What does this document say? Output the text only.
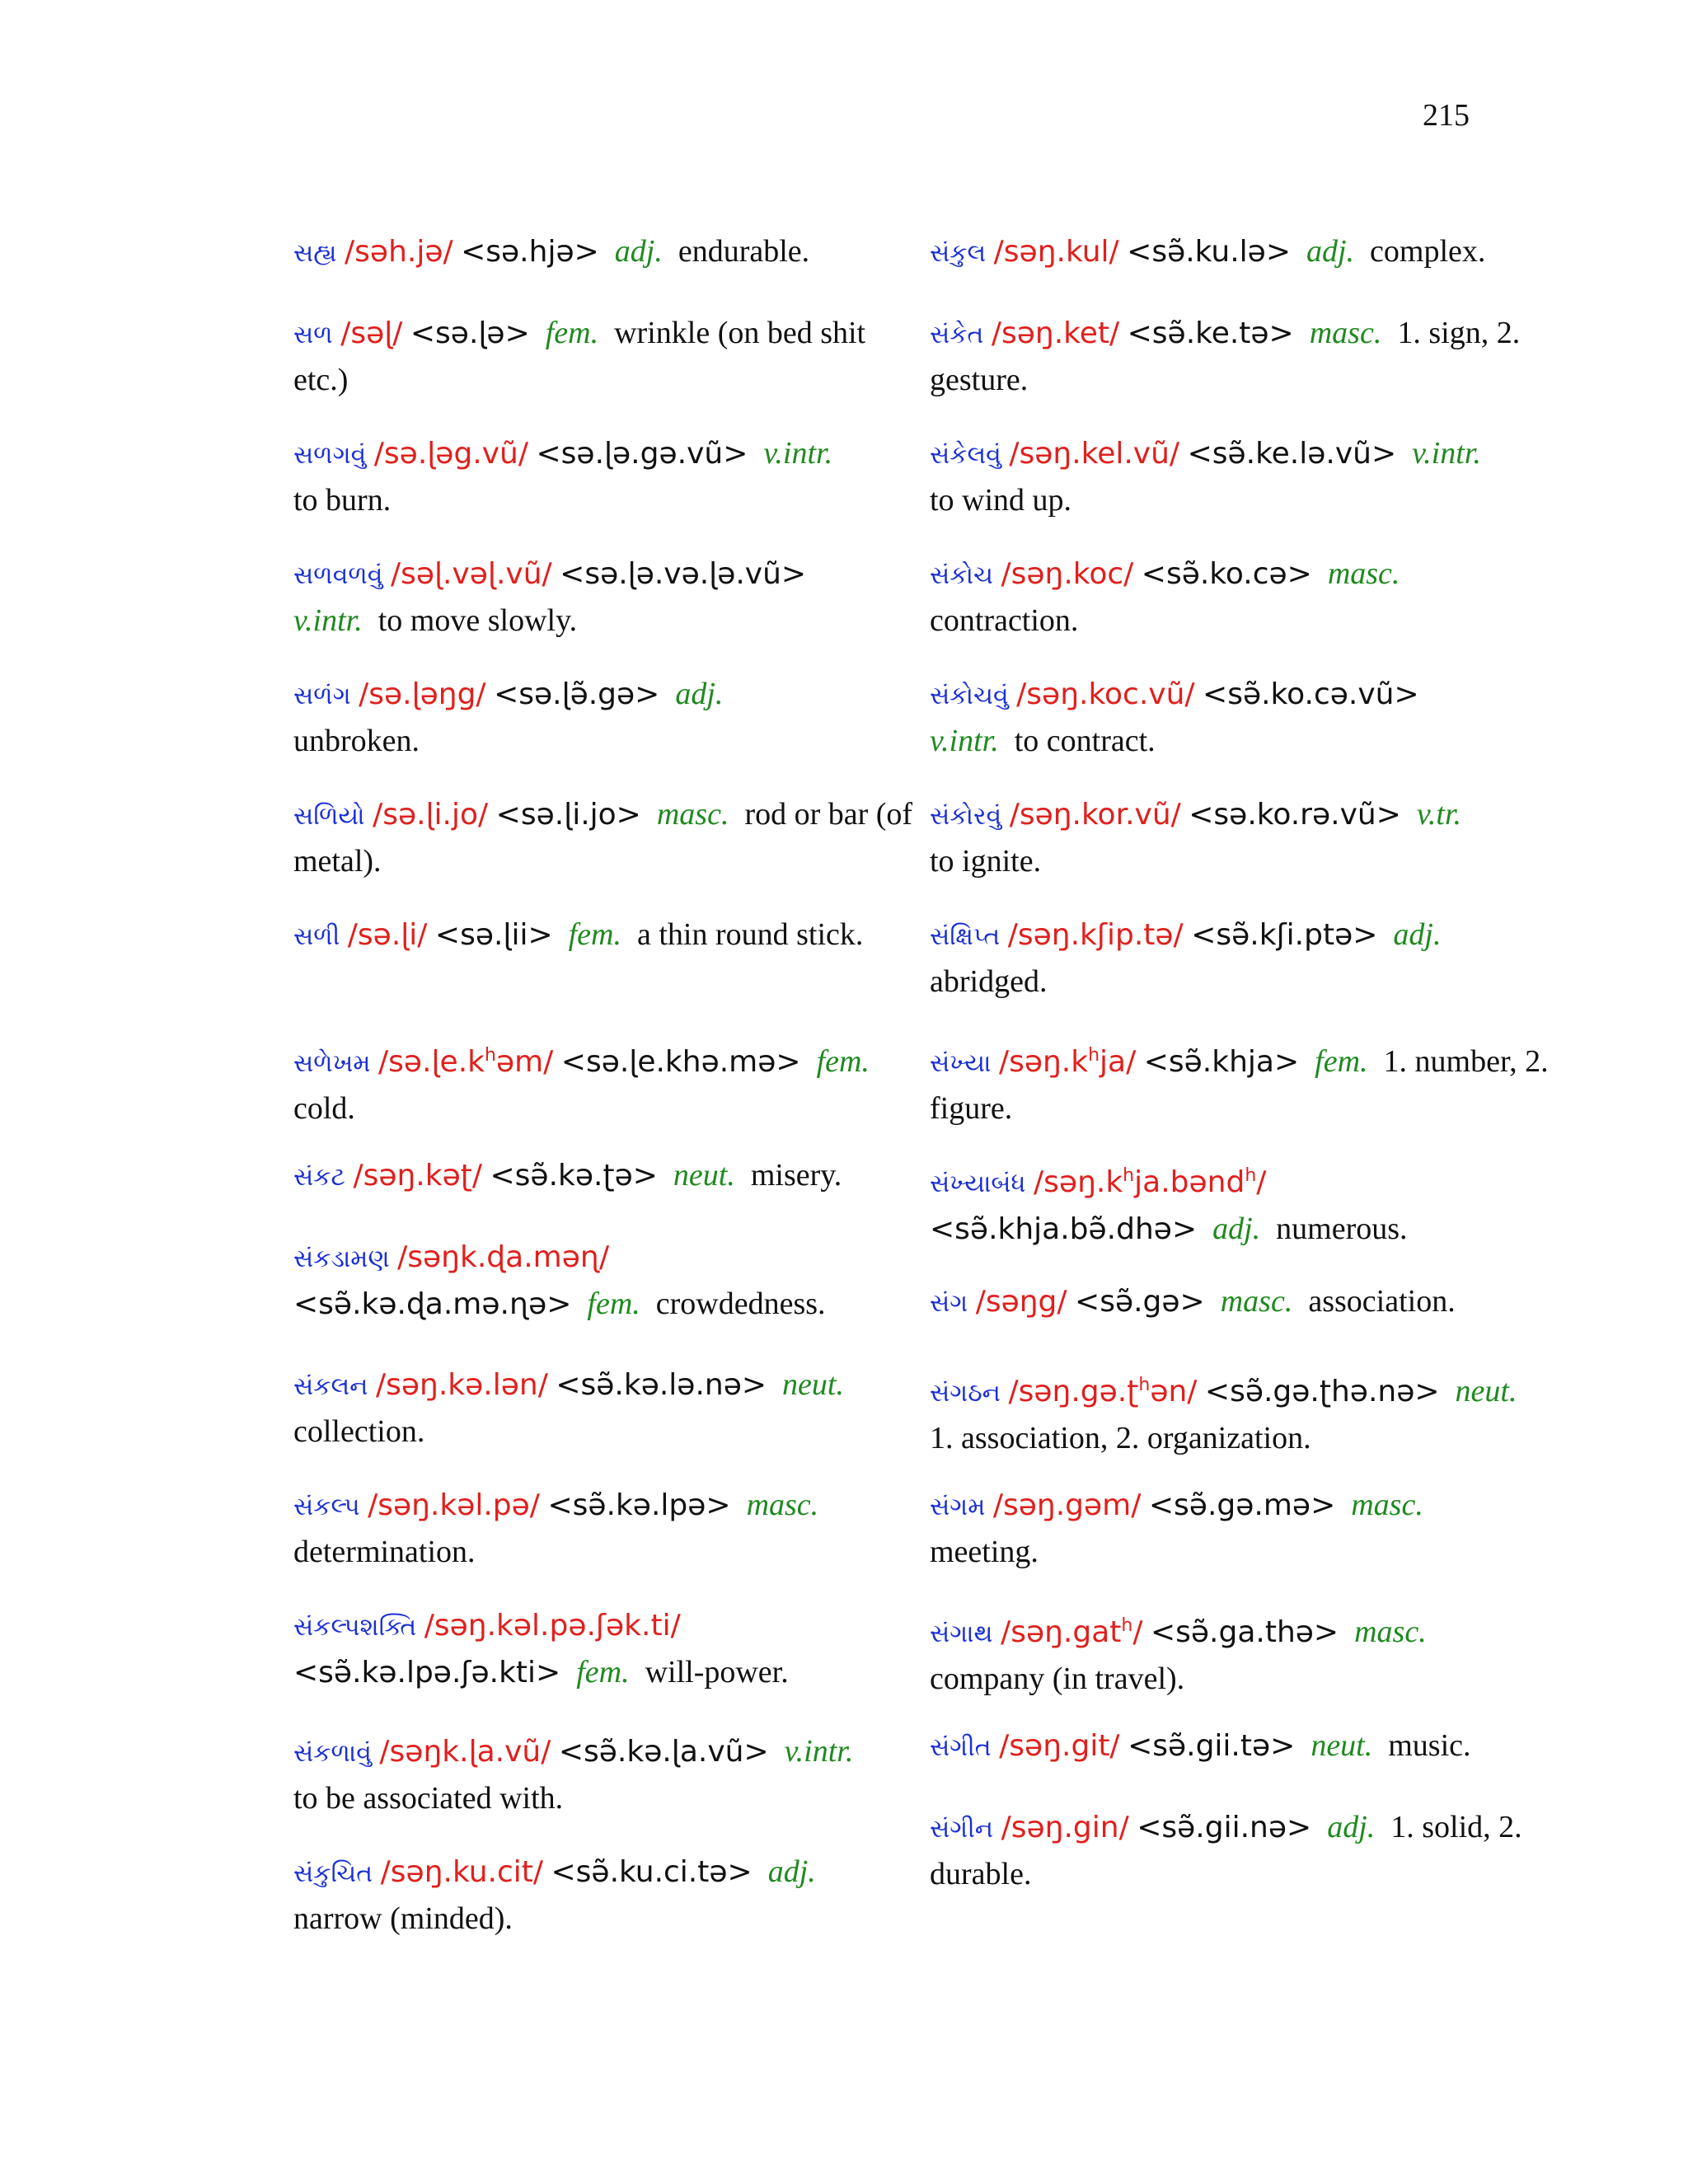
215
સહ્ય /səh.jə/ <sə.hjə> adj. endurable.
સળ /səɭ/ <sə.ɭə> fem. wrinkle (on bed shit etc.)
સળગવું /sə.ɭəg.vũ/ <sə.ɭə.gə.vũ> v.intr.
to burn.
સળવળવું /səɭ.vəɭ.vũ/ <sə.ɭə.və.ɭə.vũ>
v.intr. to move slowly.
સળંગ /sə.ɭəŋg/ <sə.ɭə̃.gə> adj.
unbroken.
સળિયો /sə.ɭi.jo/ <sə.ɭi.jo> masc. rod or bar (of metal).
સળી /sə.ɭi/ <sə.ɭii> fem. a thin round stick.
સળેખમ $/sə.ɭe.k^həm/$ <sə.ɭe.khə.mə> fem.
cold.
સંકટ /səŋ.kəʈ/ <sə̃.kə.ʈə> neut. misery.
સંકડામણ /səŋk.ɖa.məɳ/
<sə̃.kə.ɖa.mə.ɳə> fem. crowdedness.
સંકલન /səŋ.kə.lən/ <sə̃.kə.lə.nə> neut.
collection.
સંકલ્પ /səŋ.kəl.pə/ <sə̃.kə.lpə> masc.
determination.
સંકલ્પશક્તિ /səŋ.kəl.pə.ʃək.ti/
<sə̃.kə.lpə.ʃə.kti> fem. will-power.
સંકળાવું /səŋk.ɭa.vũ/ <sə̃.kə.ɭa.vũ> v.intr.
to be associated with.
સંકુચિત /səŋ.ku.cit/ <sə̃.ku.ci.tə> adj.
narrow (minded).
સંકુલ /səŋ.kul/ <sə̃.ku.lə> adj. complex.
સંકેત /səŋ.ket/ <sə̃.ke.tə> masc. 1. sign, 2. gesture.
સંકેલવું /səŋ.kel.vũ/ <sə̃.ke.lə.vũ> v.intr.
to wind up.
સંકોચ /səŋ.koc/ <sə̃.ko.cə> masc.
contraction.
સંકોચવું /səŋ.koc.vũ/ <sə̃.ko.cə.vũ>
v.intr. to contract.
સંકોરવું /səŋ.kor.vũ/ <sə.ko.rə.vũ> v.tr.
to ignite.
સંક્ષિપ્ત /səŋ.kʃip.tə/ <sə̃.kʃi.ptə> adj.
abridged.
સંખ્યા $/səŋ.k^hja/$ <sə̃.khja> fem. 1. number, 2. figure.
સંખ્યાબંધ $/səŋ.k^hja.bənd^h/$
<sə̃.khja.bə̃.dhə> adj. numerous.
સંગ /səŋg/ <sə̃.gə> masc. association.
સંગઠન /səŋ.gə.ʈ$^h$ən/ <sə̃.gə.ʈhə.nə> neut.
1. association, 2. organization.
સંગમ /səŋ.gəm/ <sə̃.gə.mə> masc.
meeting.
સંગાથ /səŋ.gat$^h$/ <sə̃.ga.thə> masc.
company (in travel).
સંગીત /səŋ.git/ <sə̃.gii.tə> neut. music.
સંગીન /səŋ.gin/ <sə̃.gii.nə> adj. 1. solid, 2. durable.
